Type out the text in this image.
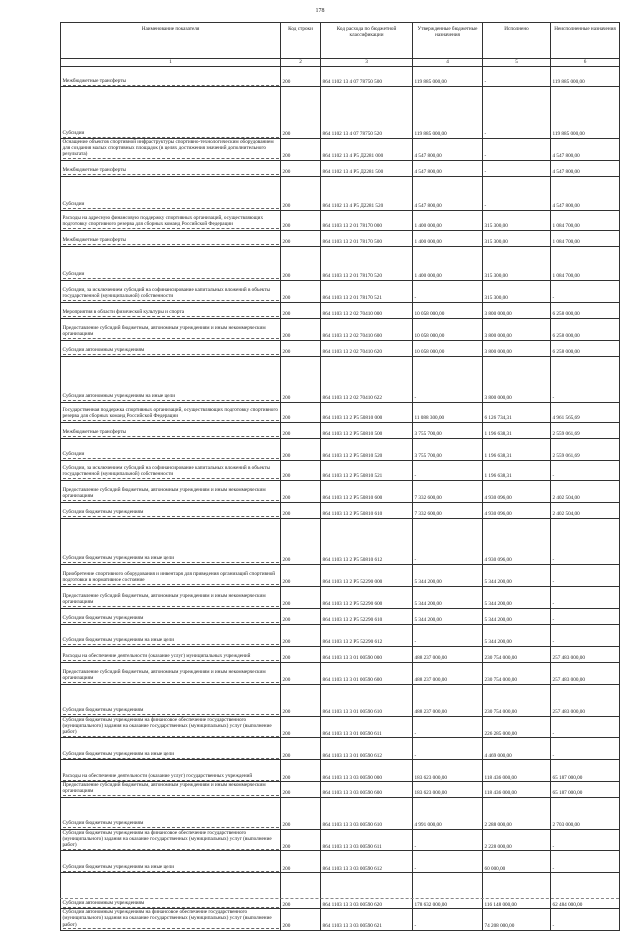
178
Наименование показателя	Код строки	Код расхода по бюджетной классификации	Утвержденные бюджетные назначения	Исполнено	Неисполненные назначения
1	2	3	4	5	6

Межбюджетные трансферты	200	864 1102 13 4 07 78750 500	119 885 000,00	-	119 885 000,00

Субсидии	200	864 1102 13 4 07 78750 520	119 885 000,00	-	119 885 000,00

Оснащение объектов спортивной инфраструктуры спортивно-технологическим оборудованием для создания малых спортивных площадок (в целях достижения значений дополнительного результата)	200	864 1102 13 4 P5 Д2281 000	4 547 800,00	-	4 547 800,00

Межбюджетные трансферты	200	864 1102 13 4 P5 Д2281 500	4 547 800,00	-	4 547 800,00

Субсидии	200	864 1102 13 4 P5 Д2281 520	4 547 800,00	-	4 547 800,00

Расходы на адресную финансовую поддержку спортивных организаций, осуществляющих подготовку спортивного резерва для сборных команд Российской Федерации	200	864 1103 13 2 01 78170 000	1 400 000,00	315 300,00	1 084 700,00

Межбюджетные трансферты	200	864 1103 13 2 01 78170 500	1 400 000,00	315 300,00	1 084 700,00

Субсидии	200	864 1103 13 2 01 78170 520	1 400 000,00	315 300,00	1 084 700,00

Субсидии, за исключением субсидий на софинансирование капитальных вложений в объекты государственной (муниципальной) собственности	200	864 1103 13 2 01 78170 521	-	315 300,00	-

Мероприятия в области физической культуры и спорта	200	864 1103 13 2 02 70410 000	10 058 000,00	3 800 000,00	6 258 000,00

Предоставление субсидий бюджетным, автономным учреждениям и иным некоммерческим организациям	200	864 1103 13 2 02 70410 600	10 058 000,00	3 800 000,00	6 258 000,00

Субсидии автономным учреждениям	200	864 1103 13 2 02 70410 620	10 058 000,00	3 800 000,00	6 258 000,00

Субсидии автономным учреждениям на иные цели	200	864 1103 13 2 02 70410 622	-	3 800 000,00	-

Государственная поддержка спортивных организаций, осуществляющих подготовку спортивного резерва для сборных команд Российской Федерации	200	864 1103 13 2 P5 50810 000	11 088 300,00	6 126 734,31	4 961 565,69

Межбюджетные трансферты	200	864 1103 13 2 P5 50810 500	3 755 700,00	1 196 638,31	2 559 061,69

Субсидии	200	864 1103 13 2 P5 50810 520	3 755 700,00	1 196 638,31	2 559 061,69

Субсидии, за исключением субсидий на софинансирование капитальных вложений в объекты государственной (муниципальной) собственности	200	864 1103 13 2 P5 50810 521	-	1 196 638,31	-

Предоставление субсидий бюджетным, автономным учреждениям и иным некоммерческим организациям	200	864 1103 13 2 P5 50810 600	7 332 600,00	4 930 096,00	2 402 504,00

Субсидии бюджетным учреждениям	200	864 1103 13 2 P5 50810 610	7 332 600,00	4 930 096,00	2 402 504,00

Субсидии бюджетным учреждениям на иные цели	200	864 1103 13 2 P5 50810 612	-	4 930 096,00	-

Приобретение спортивного оборудования и инвентаря для приведения организаций спортивной подготовки в нормативное состояние	200	864 1103 13 2 P5 52290 000	5 344 200,00	5 344 200,00	-

Предоставление субсидий бюджетным, автономным учреждениям и иным некоммерческим организациям	200	864 1103 13 2 P5 52290 600	5 344 200,00	5 344 200,00	-

Субсидии бюджетным учреждениям	200	864 1103 13 2 P5 52290 610	5 344 200,00	5 344 200,00	-

Субсидии бюджетным учреждениям на иные цели	200	864 1103 13 2 P5 52290 612	-	5 344 200,00	-

Расходы на обеспечение деятельности (оказание услуг) муниципальных учреждений	200	864 1103 13 3 01 00590 000	488 237 000,00	230 754 000,00	257 483 000,00

Предоставление субсидий бюджетным, автономным учреждениям и иным некоммерческим организациям	200	864 1103 13 3 01 00590 600	488 237 000,00	230 754 000,00	257 483 000,00

Субсидии бюджетным учреждениям	200	864 1103 13 3 01 00590 610	488 237 000,00	230 754 000,00	257 483 000,00

Субсидии бюджетным учреждениям на финансовое обеспечение государственного (муниципального) задания на оказание государственных (муниципальных) услуг (выполнение работ)	200	864 1103 13 3 01 00590 611	-	226 285 000,00	-

Субсидии бюджетным учреждениям на иные цели	200	864 1103 13 3 01 00590 612	-	4 469 000,00	-

Расходы на обеспечение деятельности (оказание услуг) государственных учреждений	200	864 1103 13 3 03 00590 000	183 623 000,00	118 436 000,00	65 187 000,00

Предоставление субсидий бюджетным, автономным учреждениям и иным некоммерческим организациям	200	864 1103 13 3 03 00590 600	183 623 000,00	118 436 000,00	65 187 000,00

Субсидии бюджетным учреждениям	200	864 1103 13 3 03 00590 610	4 991 000,00	2 288 000,00	2 703 000,00

Субсидии бюджетным учреждениям на финансовое обеспечение государственного (муниципального) задания на оказание государственных (муниципальных) услуг (выполнение работ)	200	864 1103 13 3 03 00590 611	-	2 228 000,00	-

Субсидии бюджетным учреждениям на иные цели	200	864 1103 13 3 03 00590 612	-	60 000,00	-

Субсидии автономным учреждениям	200	864 1103 13 3 03 00590 620	178 632 000,00	116 148 000,00	62 484 000,00

Субсидии автономным учреждениям на финансовое обеспечение государственного (муниципального) задания на оказание государственных (муниципальных) услуг (выполнение работ)	200	864 1103 13 3 03 00590 621	-	74 208 000,00	-
